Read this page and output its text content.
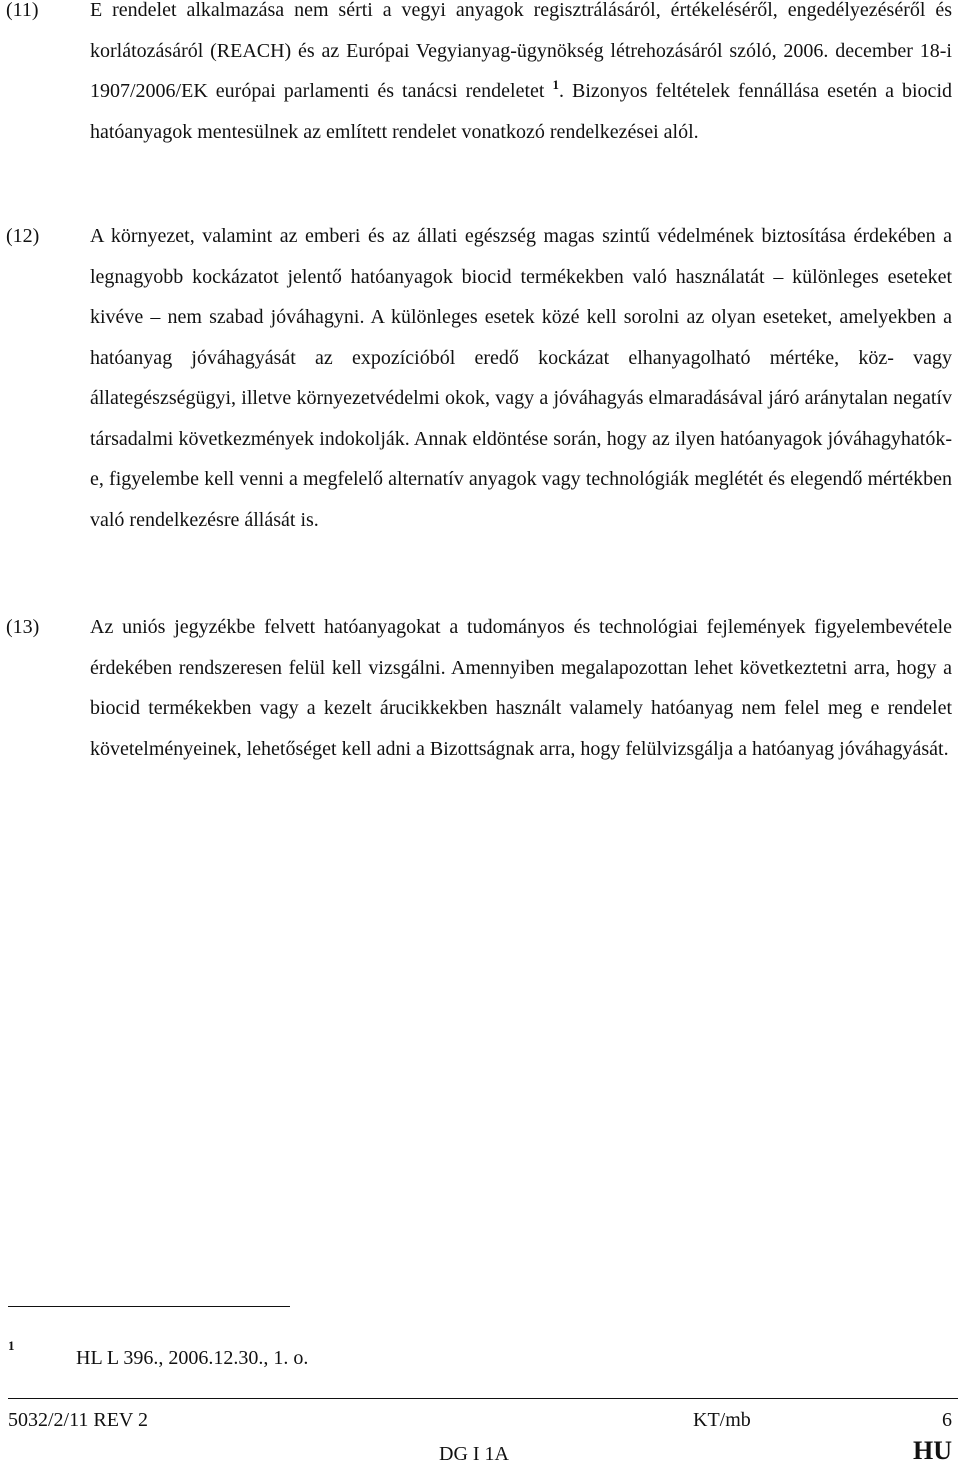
(11)	E rendelet alkalmazása nem sérti a vegyi anyagok regisztrálásáról, értékeléséről, engedélyezéséről és korlátozásáról (REACH) és az Európai Vegyianyag-ügynökség létrehozásáról szóló, 2006. december 18-i 1907/2006/EK európai parlamenti és tanácsi rendeletet $^1$. Bizonyos feltételek fennállása esetén a biocid hatóanyagok mentesülnek az említett rendelet vonatkozó rendelkezései alól.
(12)	A környezet, valamint az emberi és az állati egészség magas szintű védelmének biztosítása érdekében a legnagyobb kockázatot jelentő hatóanyagok biocid termékekben való használatát – különleges eseteket kivéve – nem szabad jóváhagyni. A különleges esetek közé kell sorolni az olyan eseteket, amelyekben a hatóanyag jóváhagyását az expozícióból eredő kockázat elhanyagolható mértéke, köz- vagy állategészségügyi, illetve környezetvédelmi okok, vagy a jóváhagyás elmaradásával járó aránytalan negatív társadalmi következmények indokolják. Annak eldöntése során, hogy az ilyen hatóanyagok jóváhagyhatók-e, figyelembe kell venni a megfelelő alternatív anyagok vagy technológiák meglétét és elegendő mértékben való rendelkezésre állását is.
(13)	Az uniós jegyzékbe felvett hatóanyagokat a tudományos és technológiai fejlemények figyelembevétele érdekében rendszeresen felül kell vizsgálni. Amennyiben megalapozottan lehet következtetni arra, hogy a biocid termékekben vagy a kezelt árucikkekben használt valamely hatóanyag nem felel meg e rendelet követelményeinek, lehetőséget kell adni a Bizottságnak arra, hogy felülvizsgálja a hatóanyag jóváhagyását.
1
HL L 396., 2006.12.30., 1. o.
5032/2/11 REV 2	KT/mb	6
DG I 1A	HU
